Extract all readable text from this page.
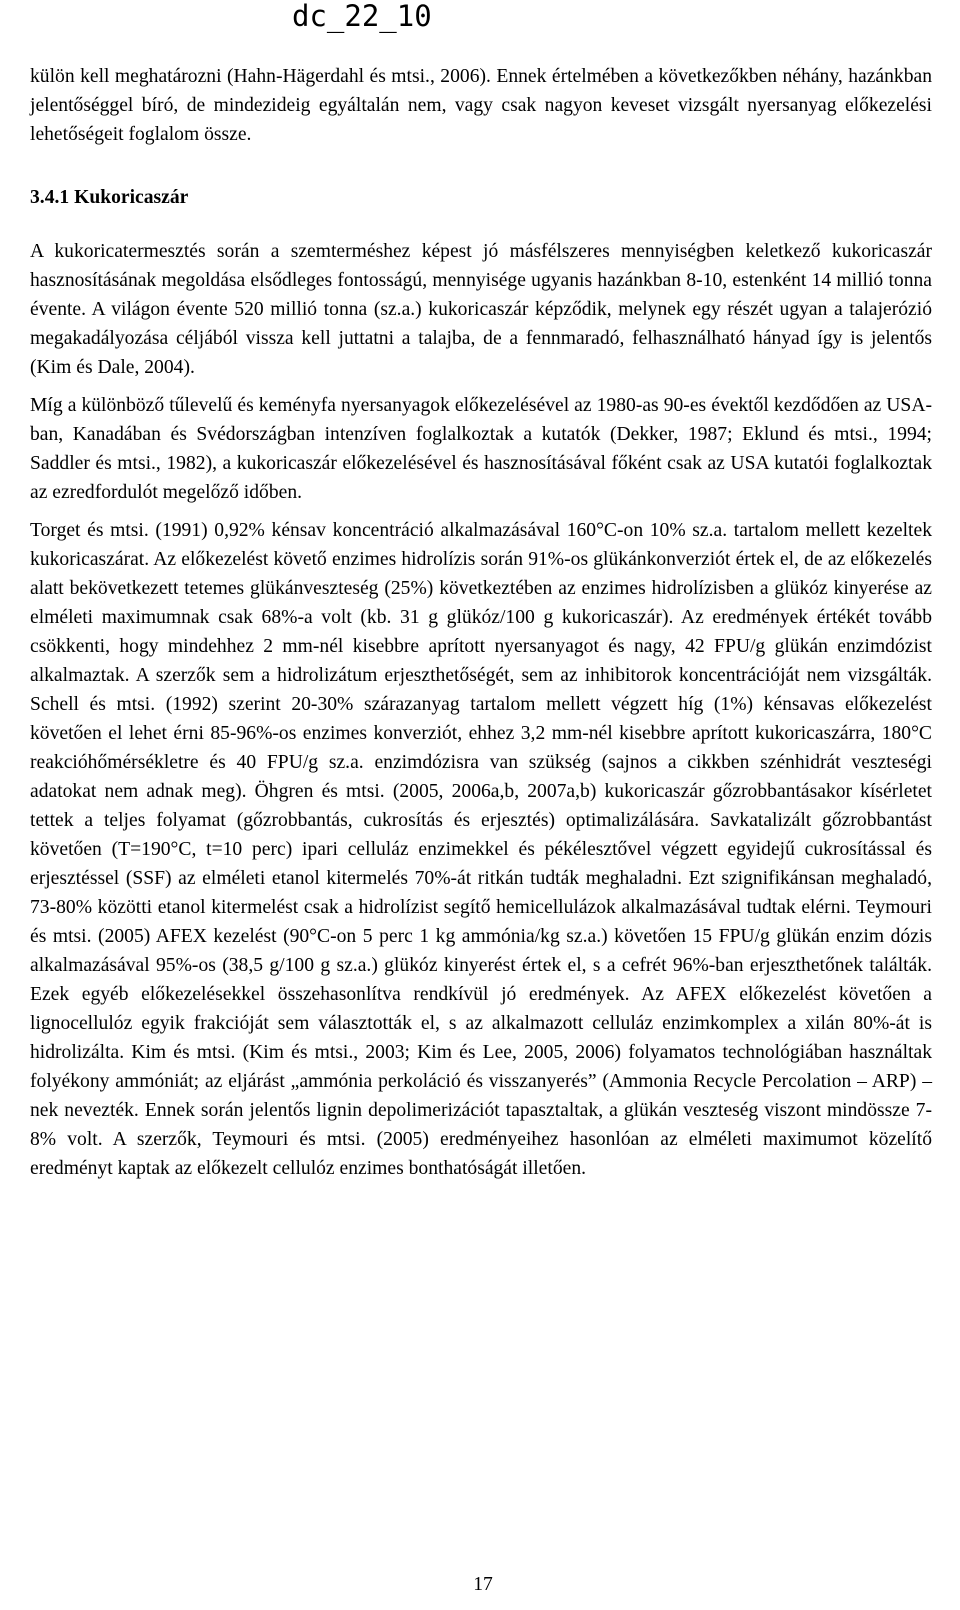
dc_22_10

külön kell meghatározni (Hahn-Hägerdahl és mtsi., 2006). Ennek értelmében a következőkben néhány, hazánkban jelentőséggel bíró, de mindezideig egyáltalán nem, vagy csak nagyon keveset vizsgált nyersanyag előkezelési lehetőségeit foglalom össze.

3.4.1 Kukoricaszár

A kukoricatermesztés során a szemterméshez képest jó másfélszeres mennyiségben keletkező kukoricaszár hasznosításának megoldása elsődleges fontosságú, mennyisége ugyanis hazánkban 8-10, estenként 14 millió tonna évente. A világon évente 520 millió tonna (sz.a.) kukoricaszár képződik, melynek egy részét ugyan a talajerózió megakadályozása céljából vissza kell juttatni a talajba, de a fennmaradó, felhasználható hányad így is jelentős (Kim és Dale, 2004).

Míg a különböző tűlevelű és keményfa nyersanyagok előkezelésével az 1980-as 90-es évektől kezdődően az USA-ban, Kanadában és Svédországban intenzíven foglalkoztak a kutatók (Dekker, 1987; Eklund és mtsi., 1994; Saddler és mtsi., 1982), a kukoricaszár előkezelésével és hasznosításával főként csak az USA kutatói foglalkoztak az ezredfordulót megelőző időben.

Torget és mtsi. (1991) 0,92% kénsav koncentráció alkalmazásával 160°C-on 10% sz.a. tartalom mellett kezeltek kukoricaszárat. Az előkezelést követő enzimes hidrolízis során 91%-os glükánkonverziót értek el, de az előkezelés alatt bekövetkezett tetemes glükánveszteség (25%) következtében az enzimes hidrolízisben a glükóz kinyerése az elméleti maximumnak csak 68%-a volt (kb. 31 g glükóz/100 g kukoricaszár). Az eredmények értékét tovább csökkenti, hogy mindehhez 2 mm-nél kisebbre aprított nyersanyagot és nagy, 42 FPU/g glükán enzimdózist alkalmaztak. A szerzők sem a hidrolizátum erjeszthetőségét, sem az inhibitorok koncentrációját nem vizsgálták. Schell és mtsi. (1992) szerint 20-30% szárazanyag tartalom mellett végzett híg (1%) kénsavas előkezelést követően el lehet érni 85-96%-os enzimes konverziót, ehhez 3,2 mm-nél kisebbre aprított kukoricaszárra, 180°C reakcióhőmérsékletre és 40 FPU/g sz.a. enzimdózisra van szükség (sajnos a cikkben szénhidrát veszteségi adatokat nem adnak meg). Öhgren és mtsi. (2005, 2006a,b, 2007a,b) kukoricaszár gőzrobbantásakor kísérletet tettek a teljes folyamat (gőzrobbantás, cukrosítás és erjesztés) optimalizálására. Savkatalizált gőzrobbantást követően (T=190°C, t=10 perc) ipari celluláz enzimekkel és pékélesztővel végzett egyidejű cukrosítással és erjesztéssel (SSF) az elméleti etanol kitermelés 70%-át ritkán tudták meghaladni. Ezt szignifikánsan meghaladó, 73-80% közötti etanol kitermelést csak a hidrolízist segítő hemicellulázok alkalmazásával tudtak elérni. Teymouri és mtsi. (2005) AFEX kezelést (90°C-on 5 perc 1 kg ammónia/kg sz.a.) követően 15 FPU/g glükán enzim dózis alkalmazásával 95%-os (38,5 g/100 g sz.a.) glükóz kinyerést értek el, s a cefrét 96%-ban erjeszthetőnek találták. Ezek egyéb előkezelésekkel összehasonlítva rendkívül jó eredmények. Az AFEX előkezelést követően a lignocellulóz egyik frakcióját sem választották el, s az alkalmazott celluláz enzimkomplex a xilán 80%-át is hidrolizálta. Kim és mtsi. (Kim és mtsi., 2003; Kim és Lee, 2005, 2006) folyamatos technológiában használtak folyékony ammóniát; az eljárást „ammónia perkoláció és visszanyerés” (Ammonia Recycle Percolation – ARP) –nek nevezték. Ennek során jelentős lignin depolimerizációt tapasztaltak, a glükán veszteség viszont mindössze 7-8% volt. A szerzők, Teymouri és mtsi. (2005) eredményeihez hasonlóan az elméleti maximumot közelítő eredményt kaptak az előkezelt cellulóz enzimes bonthatóságát illetően.

17
